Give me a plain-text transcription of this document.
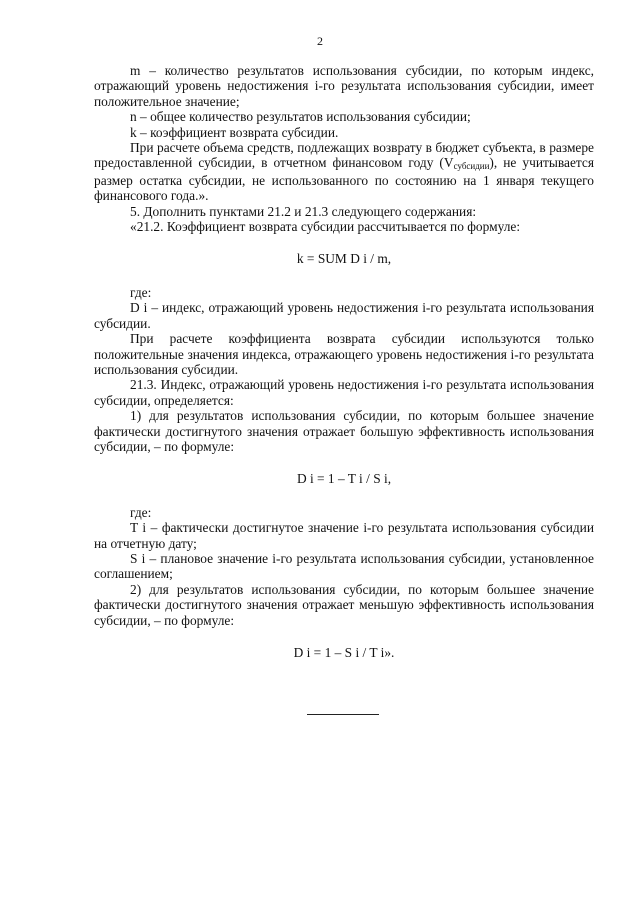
2

m – количество результатов использования субсидии, по которым индекс, отражающий уровень недостижения i-го результата использования субсидии, имеет положительное значение;

n – общее количество результатов использования субсидии;

k – коэффициент возврата субсидии.

При расчете объема средств, подлежащих возврату в бюджет субъекта, в размере предоставленной субсидии, в отчетном финансовом году $(V_{субсидии})$, не учитывается размер остатка субсидии, не использованного по состоянию на 1 января текущего финансового года.».

5. Дополнить пунктами 21.2 и 21.3 следующего содержания:

«21.2. Коэффициент возврата субсидии рассчитывается по формуле:

k = SUM D i / m,

где:

D i – индекс, отражающий уровень недостижения i-го результата использования субсидии.

При расчете коэффициента возврата субсидии используются только положительные значения индекса, отражающего уровень недостижения i-го результата использования субсидии.

21.3. Индекс, отражающий уровень недостижения i-го результата использования субсидии, определяется:

1) для результатов использования субсидии, по которым большее значение фактически достигнутого значения отражает большую эффективность использования субсидии, – по формуле:

D i = 1 – T i / S i,

где:

T i – фактически достигнутое значение i-го результата использования субсидии на отчетную дату;

S i – плановое значение i-го результата использования субсидии, установленное соглашением;

2) для результатов использования субсидии, по которым большее значение фактически достигнутого значения отражает меньшую эффективность использования субсидии, – по формуле:

D i = 1 – S i / T i».
